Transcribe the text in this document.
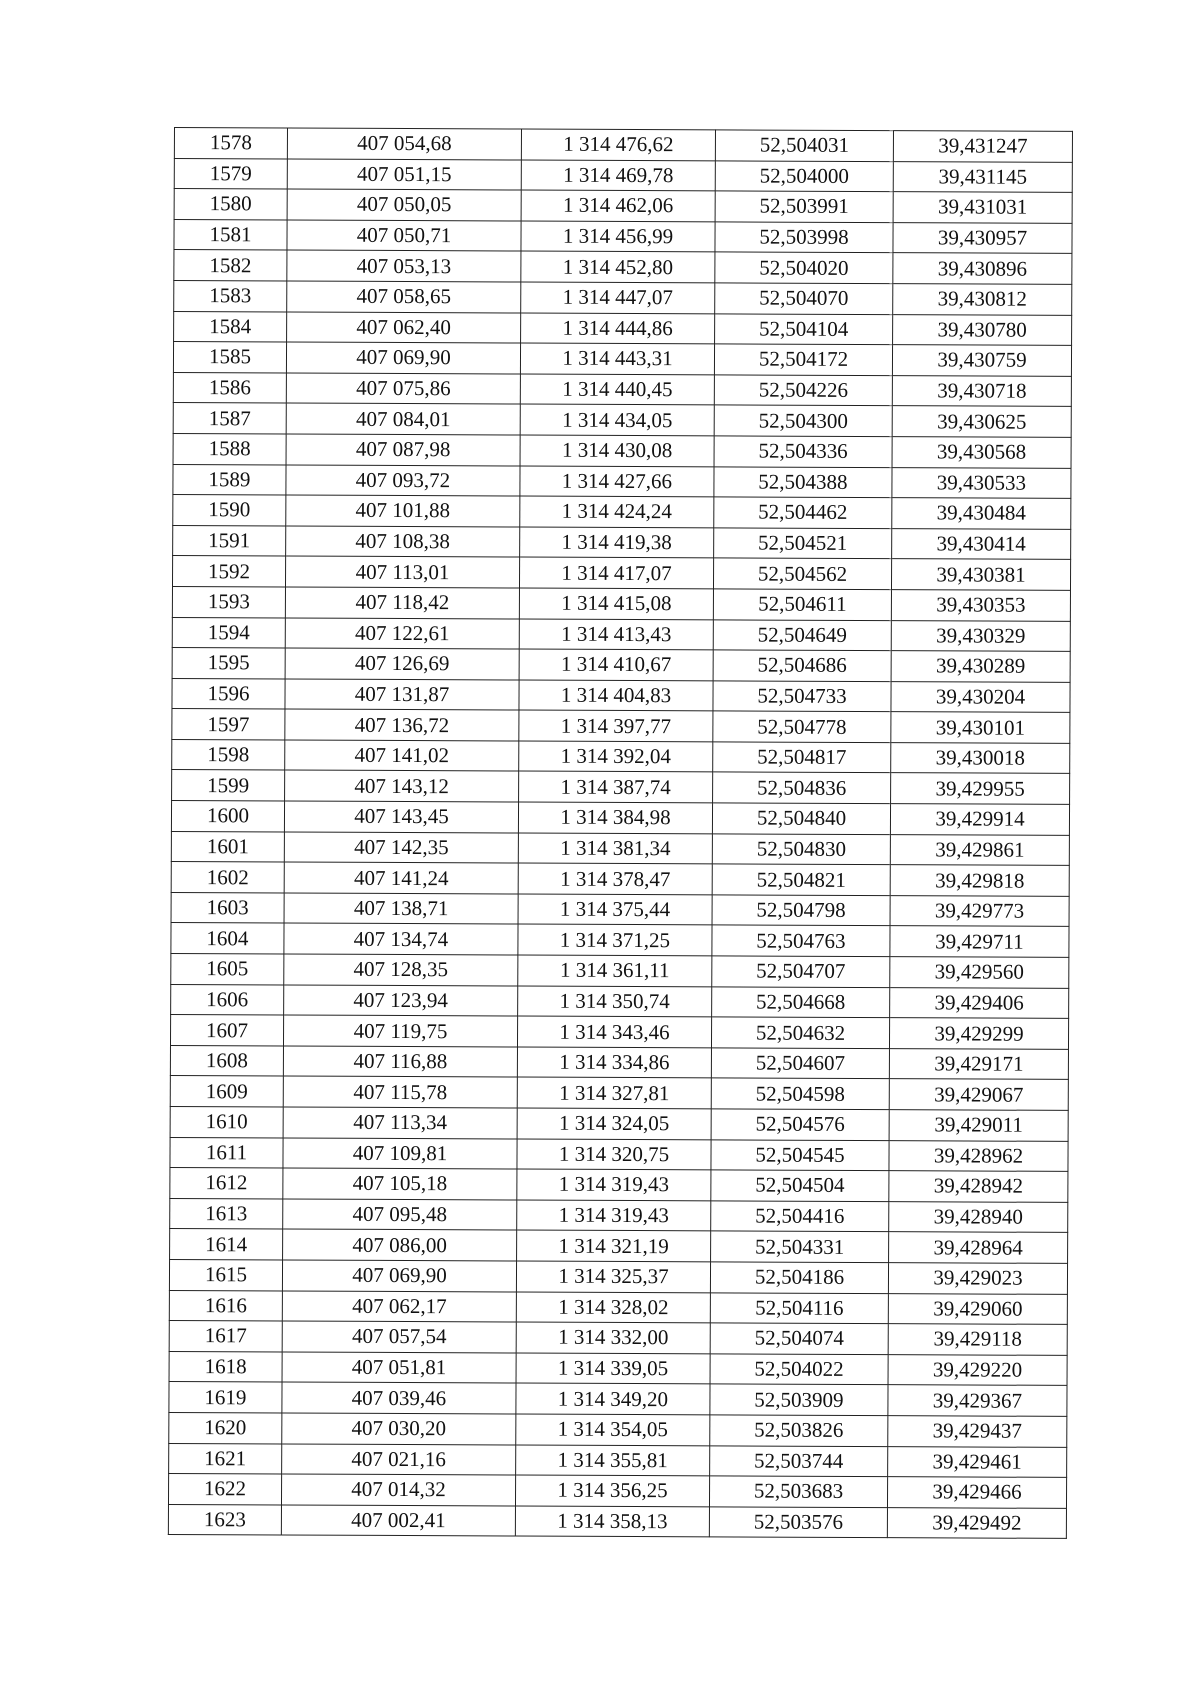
1578	407 054,68	1 314 476,62	52,504031	39,431247
1579	407 051,15	1 314 469,78	52,504000	39,431145
1580	407 050,05	1 314 462,06	52,503991	39,431031
1581	407 050,71	1 314 456,99	52,503998	39,430957
1582	407 053,13	1 314 452,80	52,504020	39,430896
1583	407 058,65	1 314 447,07	52,504070	39,430812
1584	407 062,40	1 314 444,86	52,504104	39,430780
1585	407 069,90	1 314 443,31	52,504172	39,430759
1586	407 075,86	1 314 440,45	52,504226	39,430718
1587	407 084,01	1 314 434,05	52,504300	39,430625
1588	407 087,98	1 314 430,08	52,504336	39,430568
1589	407 093,72	1 314 427,66	52,504388	39,430533
1590	407 101,88	1 314 424,24	52,504462	39,430484
1591	407 108,38	1 314 419,38	52,504521	39,430414
1592	407 113,01	1 314 417,07	52,504562	39,430381
1593	407 118,42	1 314 415,08	52,504611	39,430353
1594	407 122,61	1 314 413,43	52,504649	39,430329
1595	407 126,69	1 314 410,67	52,504686	39,430289
1596	407 131,87	1 314 404,83	52,504733	39,430204
1597	407 136,72	1 314 397,77	52,504778	39,430101
1598	407 141,02	1 314 392,04	52,504817	39,430018
1599	407 143,12	1 314 387,74	52,504836	39,429955
1600	407 143,45	1 314 384,98	52,504840	39,429914
1601	407 142,35	1 314 381,34	52,504830	39,429861
1602	407 141,24	1 314 378,47	52,504821	39,429818
1603	407 138,71	1 314 375,44	52,504798	39,429773
1604	407 134,74	1 314 371,25	52,504763	39,429711
1605	407 128,35	1 314 361,11	52,504707	39,429560
1606	407 123,94	1 314 350,74	52,504668	39,429406
1607	407 119,75	1 314 343,46	52,504632	39,429299
1608	407 116,88	1 314 334,86	52,504607	39,429171
1609	407 115,78	1 314 327,81	52,504598	39,429067
1610	407 113,34	1 314 324,05	52,504576	39,429011
1611	407 109,81	1 314 320,75	52,504545	39,428962
1612	407 105,18	1 314 319,43	52,504504	39,428942
1613	407 095,48	1 314 319,43	52,504416	39,428940
1614	407 086,00	1 314 321,19	52,504331	39,428964
1615	407 069,90	1 314 325,37	52,504186	39,429023
1616	407 062,17	1 314 328,02	52,504116	39,429060
1617	407 057,54	1 314 332,00	52,504074	39,429118
1618	407 051,81	1 314 339,05	52,504022	39,429220
1619	407 039,46	1 314 349,20	52,503909	39,429367
1620	407 030,20	1 314 354,05	52,503826	39,429437
1621	407 021,16	1 314 355,81	52,503744	39,429461
1622	407 014,32	1 314 356,25	52,503683	39,429466
1623	407 002,41	1 314 358,13	52,503576	39,429492
